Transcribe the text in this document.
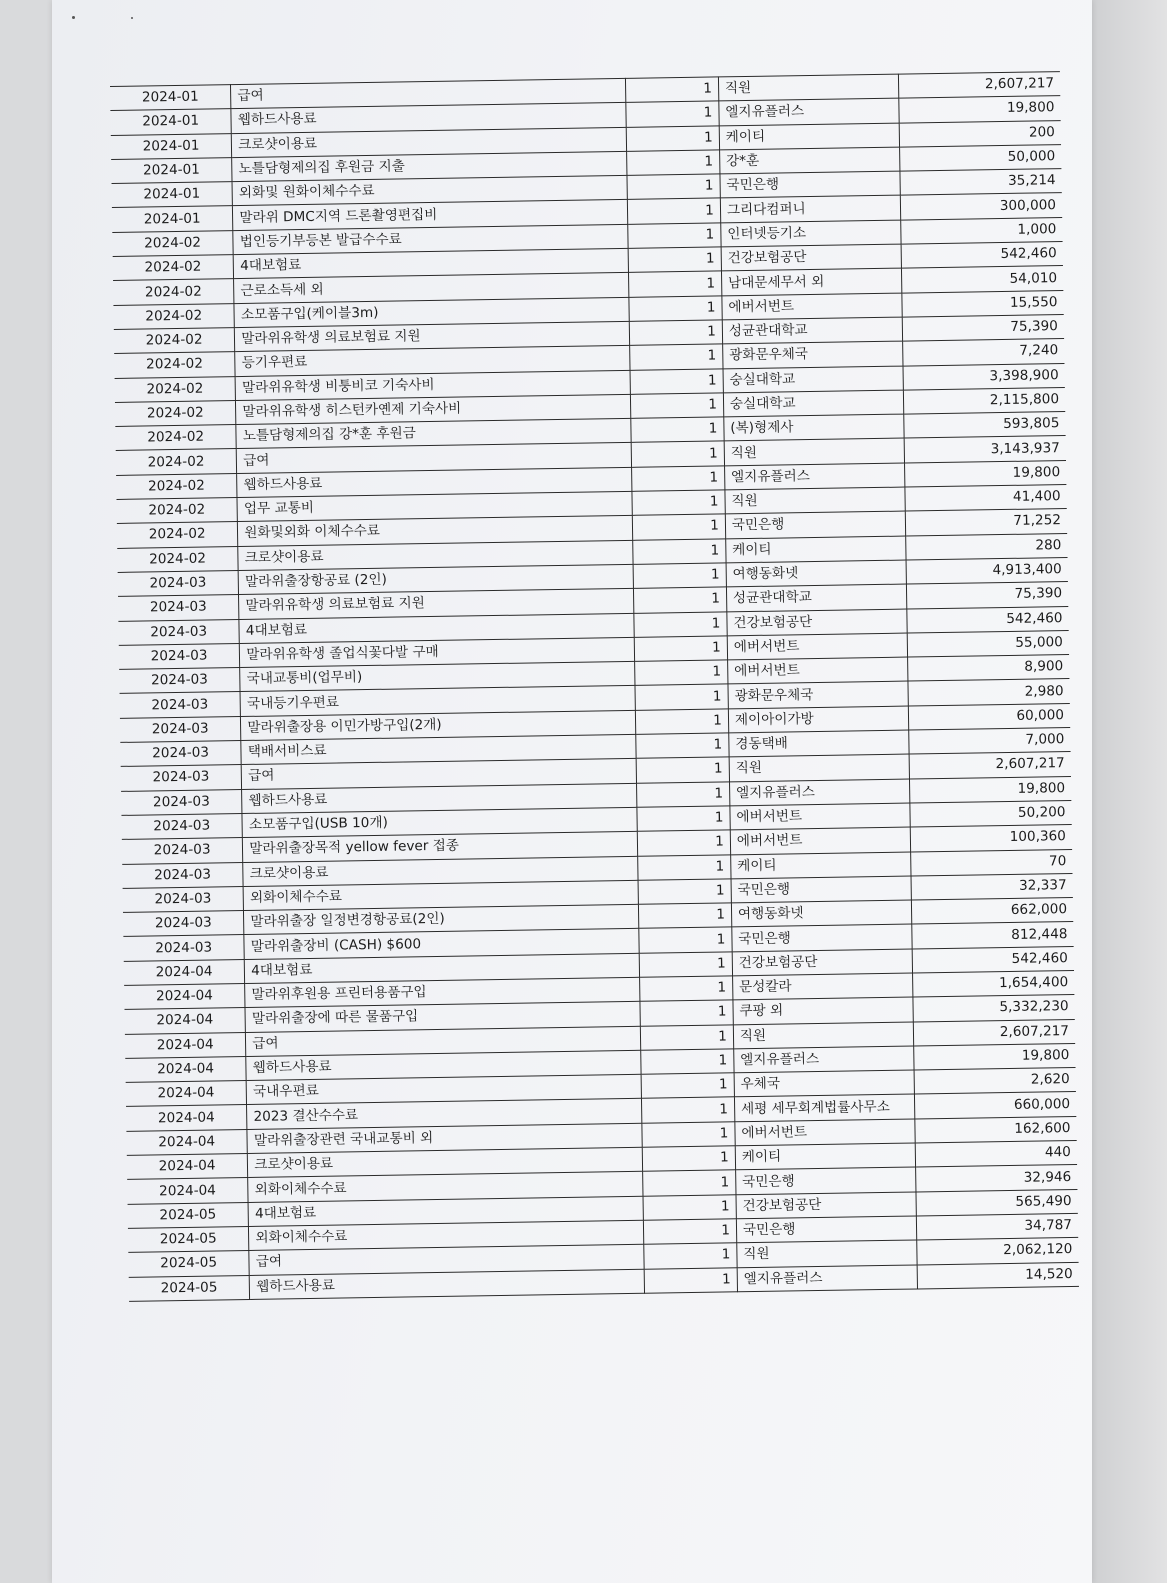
2024-01	급여	1	직원	2,607,217
2024-01	웹하드사용료	1	엘지유플러스	19,800
2024-01	크로샷이용료	1	케이티	200
2024-01	노틀담형제의집 후원금 지출	1	강*훈	50,000
2024-01	외화및 원화이체수수료	1	국민은행	35,214
2024-01	말라위 DMC지역 드론촬영편집비	1	그리다컴퍼니	300,000
2024-02	법인등기부등본 발급수수료	1	인터넷등기소	1,000
2024-02	4대보험료	1	건강보험공단	542,460
2024-02	근로소득세 외	1	남대문세무서 외	54,010
2024-02	소모품구입(케이블3m)	1	에버서번트	15,550
2024-02	말라위유학생 의료보험료 지원	1	성균관대학교	75,390
2024-02	등기우편료	1	광화문우체국	7,240
2024-02	말라위유학생 비퉁비코 기숙사비	1	숭실대학교	3,398,900
2024-02	말라위유학생 히스턴카옌제 기숙사비	1	숭실대학교	2,115,800
2024-02	노틀담형제의집 강*훈 후원금	1	(복)형제사	593,805
2024-02	급여	1	직원	3,143,937
2024-02	웹하드사용료	1	엘지유플러스	19,800
2024-02	업무 교통비	1	직원	41,400
2024-02	원화및외화 이체수수료	1	국민은행	71,252
2024-02	크로샷이용료	1	케이티	280
2024-03	말라위출장항공료 (2인)	1	여행동화넷	4,913,400
2024-03	말라위유학생 의료보험료 지원	1	성균관대학교	75,390
2024-03	4대보험료	1	건강보험공단	542,460
2024-03	말라위유학생 졸업식꽃다발 구매	1	에버서번트	55,000
2024-03	국내교통비(업무비)	1	에버서번트	8,900
2024-03	국내등기우편료	1	광화문우체국	2,980
2024-03	말라위출장용 이민가방구입(2개)	1	제이아이가방	60,000
2024-03	택배서비스료	1	경동택배	7,000
2024-03	급여	1	직원	2,607,217
2024-03	웹하드사용료	1	엘지유플러스	19,800
2024-03	소모품구입(USB 10개)	1	에버서번트	50,200
2024-03	말라위출장목적 yellow fever 접종	1	에버서번트	100,360
2024-03	크로샷이용료	1	케이티	70
2024-03	외화이체수수료	1	국민은행	32,337
2024-03	말라위출장 일정변경항공료(2인)	1	여행동화넷	662,000
2024-03	말라위출장비 (CASH) $600	1	국민은행	812,448
2024-04	4대보험료	1	건강보험공단	542,460
2024-04	말라위후원용 프린터용품구입	1	문성칼라	1,654,400
2024-04	말라위출장에 따른 물품구입	1	쿠팡 외	5,332,230
2024-04	급여	1	직원	2,607,217
2024-04	웹하드사용료	1	엘지유플러스	19,800
2024-04	국내우편료	1	우체국	2,620
2024-04	2023 결산수수료	1	세평 세무회계법률사무소	660,000
2024-04	말라위출장관련 국내교통비 외	1	에버서번트	162,600
2024-04	크로샷이용료	1	케이티	440
2024-04	외화이체수수료	1	국민은행	32,946
2024-05	4대보험료	1	건강보험공단	565,490
2024-05	외화이체수수료	1	국민은행	34,787
2024-05	급여	1	직원	2,062,120
2024-05	웹하드사용료	1	엘지유플러스	14,520
